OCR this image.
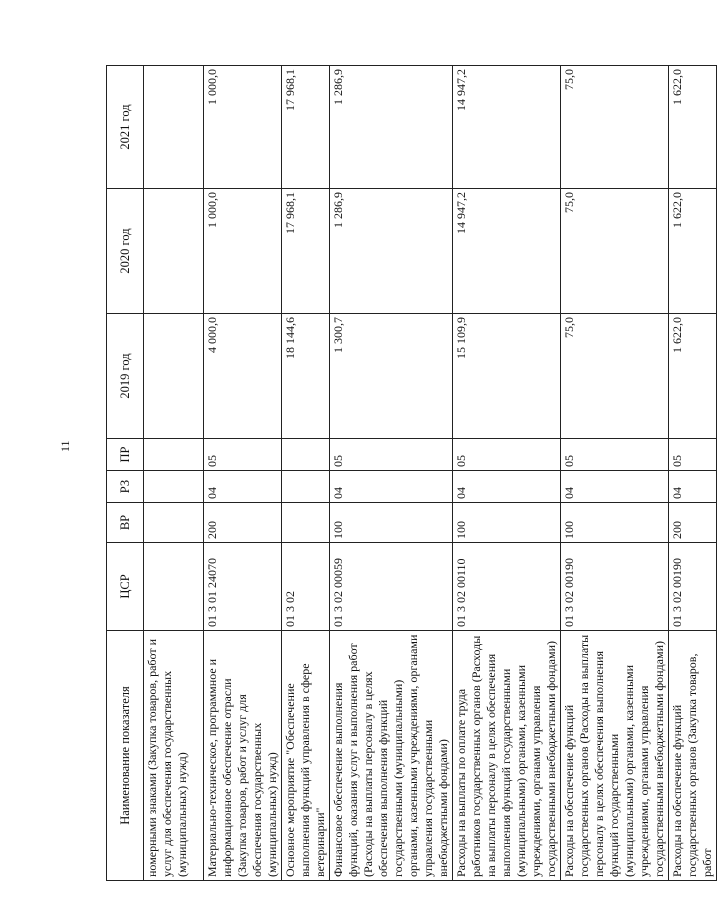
11
Наименование показателя	ЦСР	ВР	РЗ	ПР	2019 год	2020 год	2021 год
номерными знаками (Закупка товаров, работ и услуг для обеспечения государственных (муниципальных) нужд)							
Материально-техническое, программное и информационное обеспечение отрасли (Закупка товаров, работ и услуг для обеспечения государственных (муниципальных) нужд)	01 3 01 24070	200	04	05	4 000,0	1 000,0	1 000,0
Основное мероприятие "Обеспечение выполнения функций управления в сфере ветеринарии"	01 3 02				18 144,6	17 968,1	17 968,1
Финансовое обеспечение выполнения функций, оказания услуг и выполнения работ (Расходы на выплаты персоналу в целях обеспечения выполнения функций государственными (муниципальными) органами, казенными учреждениями, органами управления государственными внебюджетными фондами)	01 3 02 00059	100	04	05	1 300,7	1 286,9	1 286,9
Расходы на выплаты по оплате труда работников государственных органов (Расходы на выплаты персоналу в целях обеспечения выполнения функций государственными (муниципальными) органами, казенными учреждениями, органами управления государственными внебюджетными фондами)	01 3 02 00110	100	04	05	15 109,9	14 947,2	14 947,2
Расходы на обеспечение функций государственных органов (Расходы на выплаты персоналу в целях обеспечения выполнения функций государственными (муниципальными) органами, казенными учреждениями, органами управления государственными внебюджетными фондами)	01 3 02 00190	100	04	05	75,0	75,0	75,0
Расходы на обеспечение функций государственных органов (Закупка товаров, работ	01 3 02 00190	200	04	05	1 622,0	1 622,0	1 622,0
